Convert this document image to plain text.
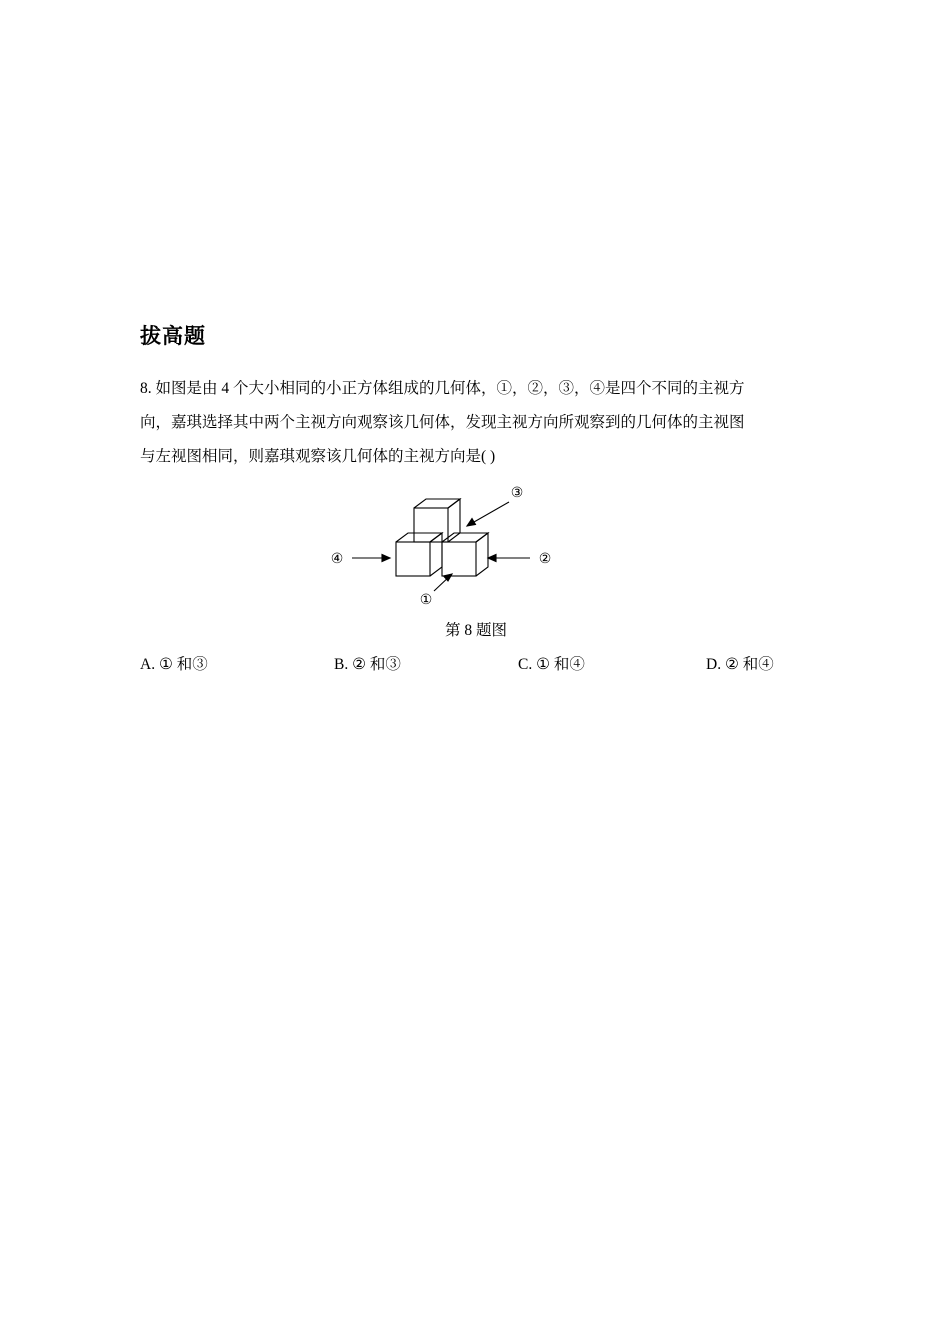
拔高题
8. 如图是由 4 个大小相同的小正方体组成的几何体，①，②，③，④是四个不同的主视方
向，嘉琪选择其中两个主视方向观察该几何体，发现主视方向所观察到的几何体的主视图
与左视图相同，则嘉琪观察该几何体的主视方向是( )
④	②
③
①
第 8 题图
A. ① 和③	B. ② 和③	C. ① 和④	D. ② 和④
